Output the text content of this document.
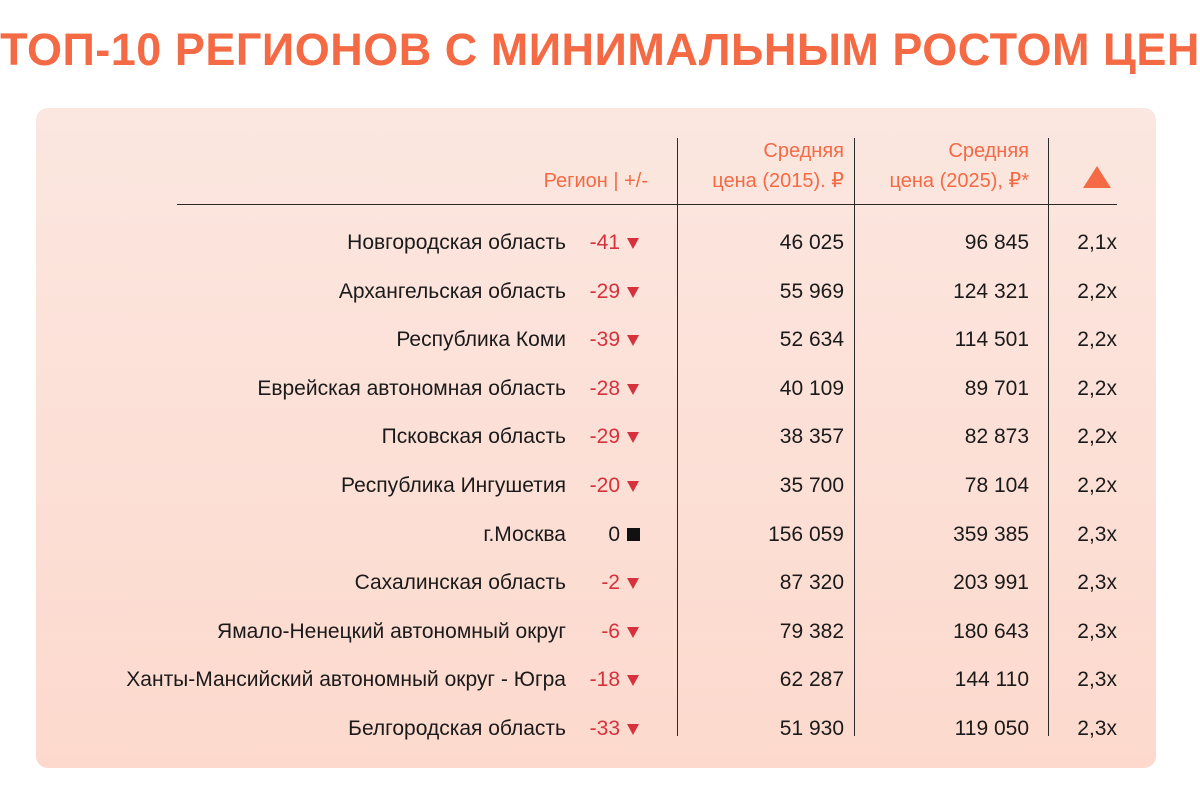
ТОП-10 РЕГИОНОВ С МИНИМАЛЬНЫМ РОСТОМ ЦЕН
Регион | +/-
Средняя
цена (2015). ₽
Средняя
цена (2025), ₽*
Новгородская область -41	46 025	96 845 2,1x
Архангельская область -29	55 969	124 321 2,2x
Республика Коми -39	52 634	114 501 2,2x
Еврейская автономная область -28	40 109	89 701 2,2x
Псковская область -29	38 357	82 873 2,2x
Республика Ингушетия -20	35 700	78 104 2,2x
г.Москва 0	156 059	359 385 2,3x
Сахалинская область -2	87 320	203 991 2,3x
Ямало-Ненецкий автономный округ -6	79 382	180 643 2,3x
Ханты-Мансийский автономный округ - Югра -18	62 287	144 110 2,3x
Белгородская область -33	51 930	119 050 2,3x
